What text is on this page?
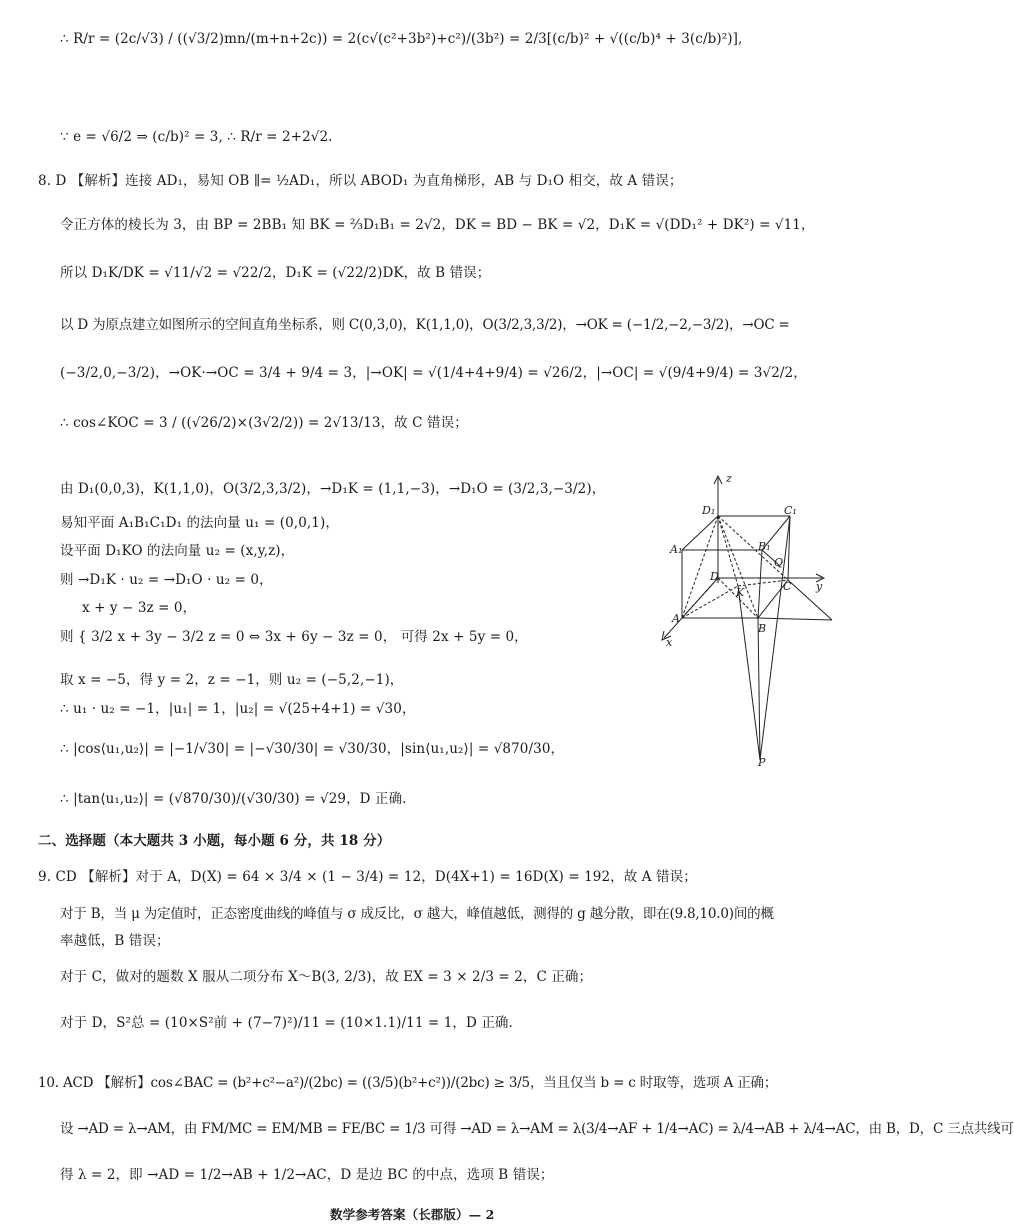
∴ R/r = (2c/√3) / ((√3/2)mn/(m+n+2c)) = 2(c√(c²+3b²)+c²)/(3b²) = 2/3[(c/b)² + √((c/b)⁴ + 3(c/b)²)],
∵ e = √6/2 ⇒ (c/b)² = 3, ∴ R/r = 2+2√2.
8. D 【解析】连接 AD₁，易知 OB ∥= ½AD₁，所以 ABOD₁ 为直角梯形，AB 与 D₁O 相交，故 A 错误；
令正方体的棱长为 3，由 BP = 2BB₁ 知 BK = ⅔D₁B₁ = 2√2，DK = BD − BK = √2，D₁K = √(DD₁² + DK²) = √11，
所以 D₁K/DK = √11/√2 = √22/2，D₁K = (√22/2)DK，故 B 错误；
以 D 为原点建立如图所示的空间直角坐标系，则 C(0,3,0)，K(1,1,0)，O(3/2,3,3/2)，→OK = (−1/2,−2,−3/2)，→OC =
(−3/2,0,−3/2)，→OK·→OC = 3/4 + 9/4 = 3，|→OK| = √(1/4+4+9/4) = √26/2，|→OC| = √(9/4+9/4) = 3√2/2，
∴ cos∠KOC = 3 / ((√26/2)×(3√2/2)) = 2√13/13，故 C 错误；
由 D₁(0,0,3)，K(1,1,0)，O(3/2,3,3/2)，→D₁K = (1,1,−3)，→D₁O = (3/2,3,−3/2)，
易知平面 A₁B₁C₁D₁ 的法向量 u₁ = (0,0,1)，
设平面 D₁KO 的法向量 u₂ = (x,y,z)，
则 →D₁K · u₂ = →D₁O · u₂ = 0，
x + y − 3z = 0，
则 { 3/2 x + 3y − 3/2 z = 0 ⇔ 3x + 6y − 3z = 0， 可得 2x + 5y = 0，
取 x = −5，得 y = 2，z = −1，则 u₂ = (−5,2,−1)，
∴ u₁ · u₂ = −1，|u₁| = 1，|u₂| = √(25+4+1) = √30，
∴ |cos⟨u₁,u₂⟩| = |−1/√30| = |−√30/30| = √30/30，|sin⟨u₁,u₂⟩| = √870/30，
∴ |tan⟨u₁,u₂⟩| = (√870/30)/(√30/30) = √29，D 正确.
二、选择题（本大题共 3 小题，每小题 6 分，共 18 分）
9. CD 【解析】对于 A，D(X) = 64 × 3/4 × (1 − 3/4) = 12，D(4X+1) = 16D(X) = 192，故 A 错误；
对于 B，当 μ 为定值时，正态密度曲线的峰值与 σ 成反比，σ 越大，峰值越低，测得的 g 越分散，即在(9.8,10.0)间的概
率越低，B 错误；
对于 C，做对的题数 X 服从二项分布 X～B(3, 2/3)，故 EX = 3 × 2/3 = 2，C 正确；
对于 D，S²总 = (10×S²前 + (7−7)²)/11 = (10×1.1)/11 = 1，D 正确.
10. ACD 【解析】cos∠BAC = (b²+c²−a²)/(2bc) = ((3/5)(b²+c²))/(2bc) ≥ 3/5，当且仅当 b = c 时取等，选项 A 正确；
设 →AD = λ→AM，由 FM/MC = EM/MB = FE/BC = 1/3 可得 →AD = λ→AM = λ(3/4→AF + 1/4→AC) = λ/4→AB + λ/4→AC，由 B，D，C 三点共线可
得 λ = 2，即 →AD = 1/2→AB + 1/2→AC，D 是边 BC 的中点，选项 B 错误；
z
D₁	C₁
A₁	B₁
D
Q
C y
K
A
B
x
P
数学参考答案（长郡版）— 2
